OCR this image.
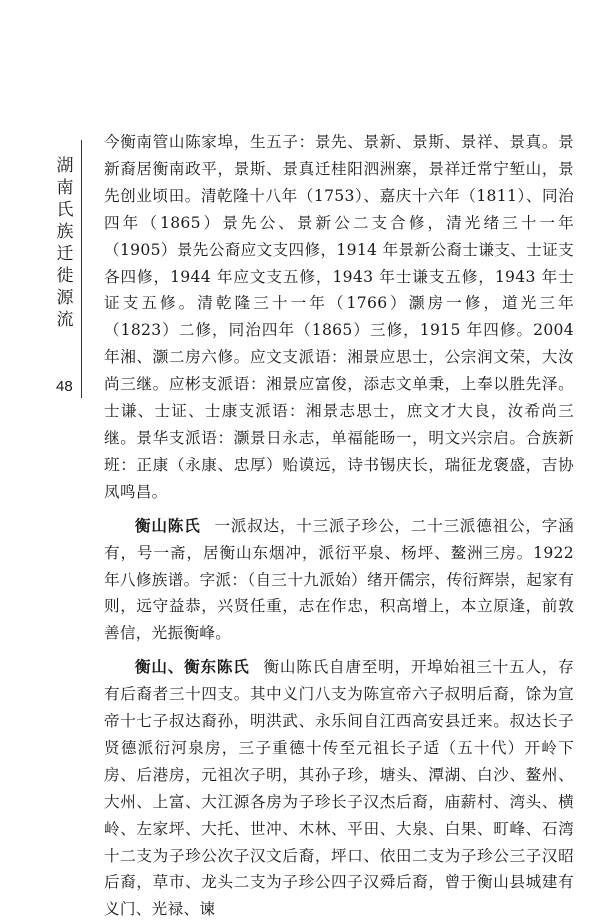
湖
南
氏
族
迁
徙
源
流
48

今衡南管山陈家埠，生五子：景先、景新、景斯、景祥、景真。景新裔居衡南政平，景斯、景真迁桂阳泗洲寨，景祥迁常宁堑山，景先创业顷田。清乾隆十八年（1753）、嘉庆十六年（1811）、同治四年（1865）景先公、景新公二支合修，清光绪三十一年（1905）景先公裔应文支四修，1914 年景新公裔士谦支、士证支各四修，1944 年应文支五修，1943 年士谦支五修，1943 年士证支五修。清乾隆三十一年（1766）灏房一修，道光三年（1823）二修，同治四年（1865）三修，1915 年四修。2004 年湘、灏二房六修。应文支派语：湘景应思士，公宗润文荣，大汝尚三继。应彬支派语：湘景应富俊，添志文单秉，上奉以胜先泽。士谦、士证、士康支派语：湘景志思士，庶文才大良，汝希尚三继。景华支派语：灏景日永志，单福能旸一，明文兴宗启。合族新班：正康（永康、忠厚）贻谟远，诗书锡庆长，瑞征龙褒盛，吉协凤鸣昌。

衡山陈氏 一派叔达，十三派子珍公，二十三派德祖公，字涵有，号一斋，居衡山东烟冲，派衍平泉、杨坪、鳌洲三房。1922 年八修族谱。字派：（自三十九派始）绪开儒宗，传衍辉崇，起家有则，远守益恭，兴贤任重，志在作忠，积高增上，本立原逢，前敦善信，光振衡峰。

衡山、衡东陈氏 衡山陈氏自唐至明，开埠始祖三十五人，存有后裔者三十四支。其中义门八支为陈宣帝六子叔明后裔，馀为宣帝十七子叔达裔孙，明洪武、永乐间自江西高安县迁来。叔达长子贤德派衍河泉房，三子重德十传至元祖长子适（五十代）开岭下房、后港房，元祖次子明，其孙子珍，塘头、潭湖、白沙、鳌州、大州、上富、大江源各房为子珍长子汉杰后裔，庙薪村、湾头、横岭、左家坪、大托、世冲、木林、平田、大泉、白果、町峰、石湾十二支为子珍公次子汉文后裔，坪口、依田二支为子珍公三子汉昭后裔，草市、龙头二支为子珍公四子汉舜后裔，曾于衡山县城建有义门、光禄、谏
